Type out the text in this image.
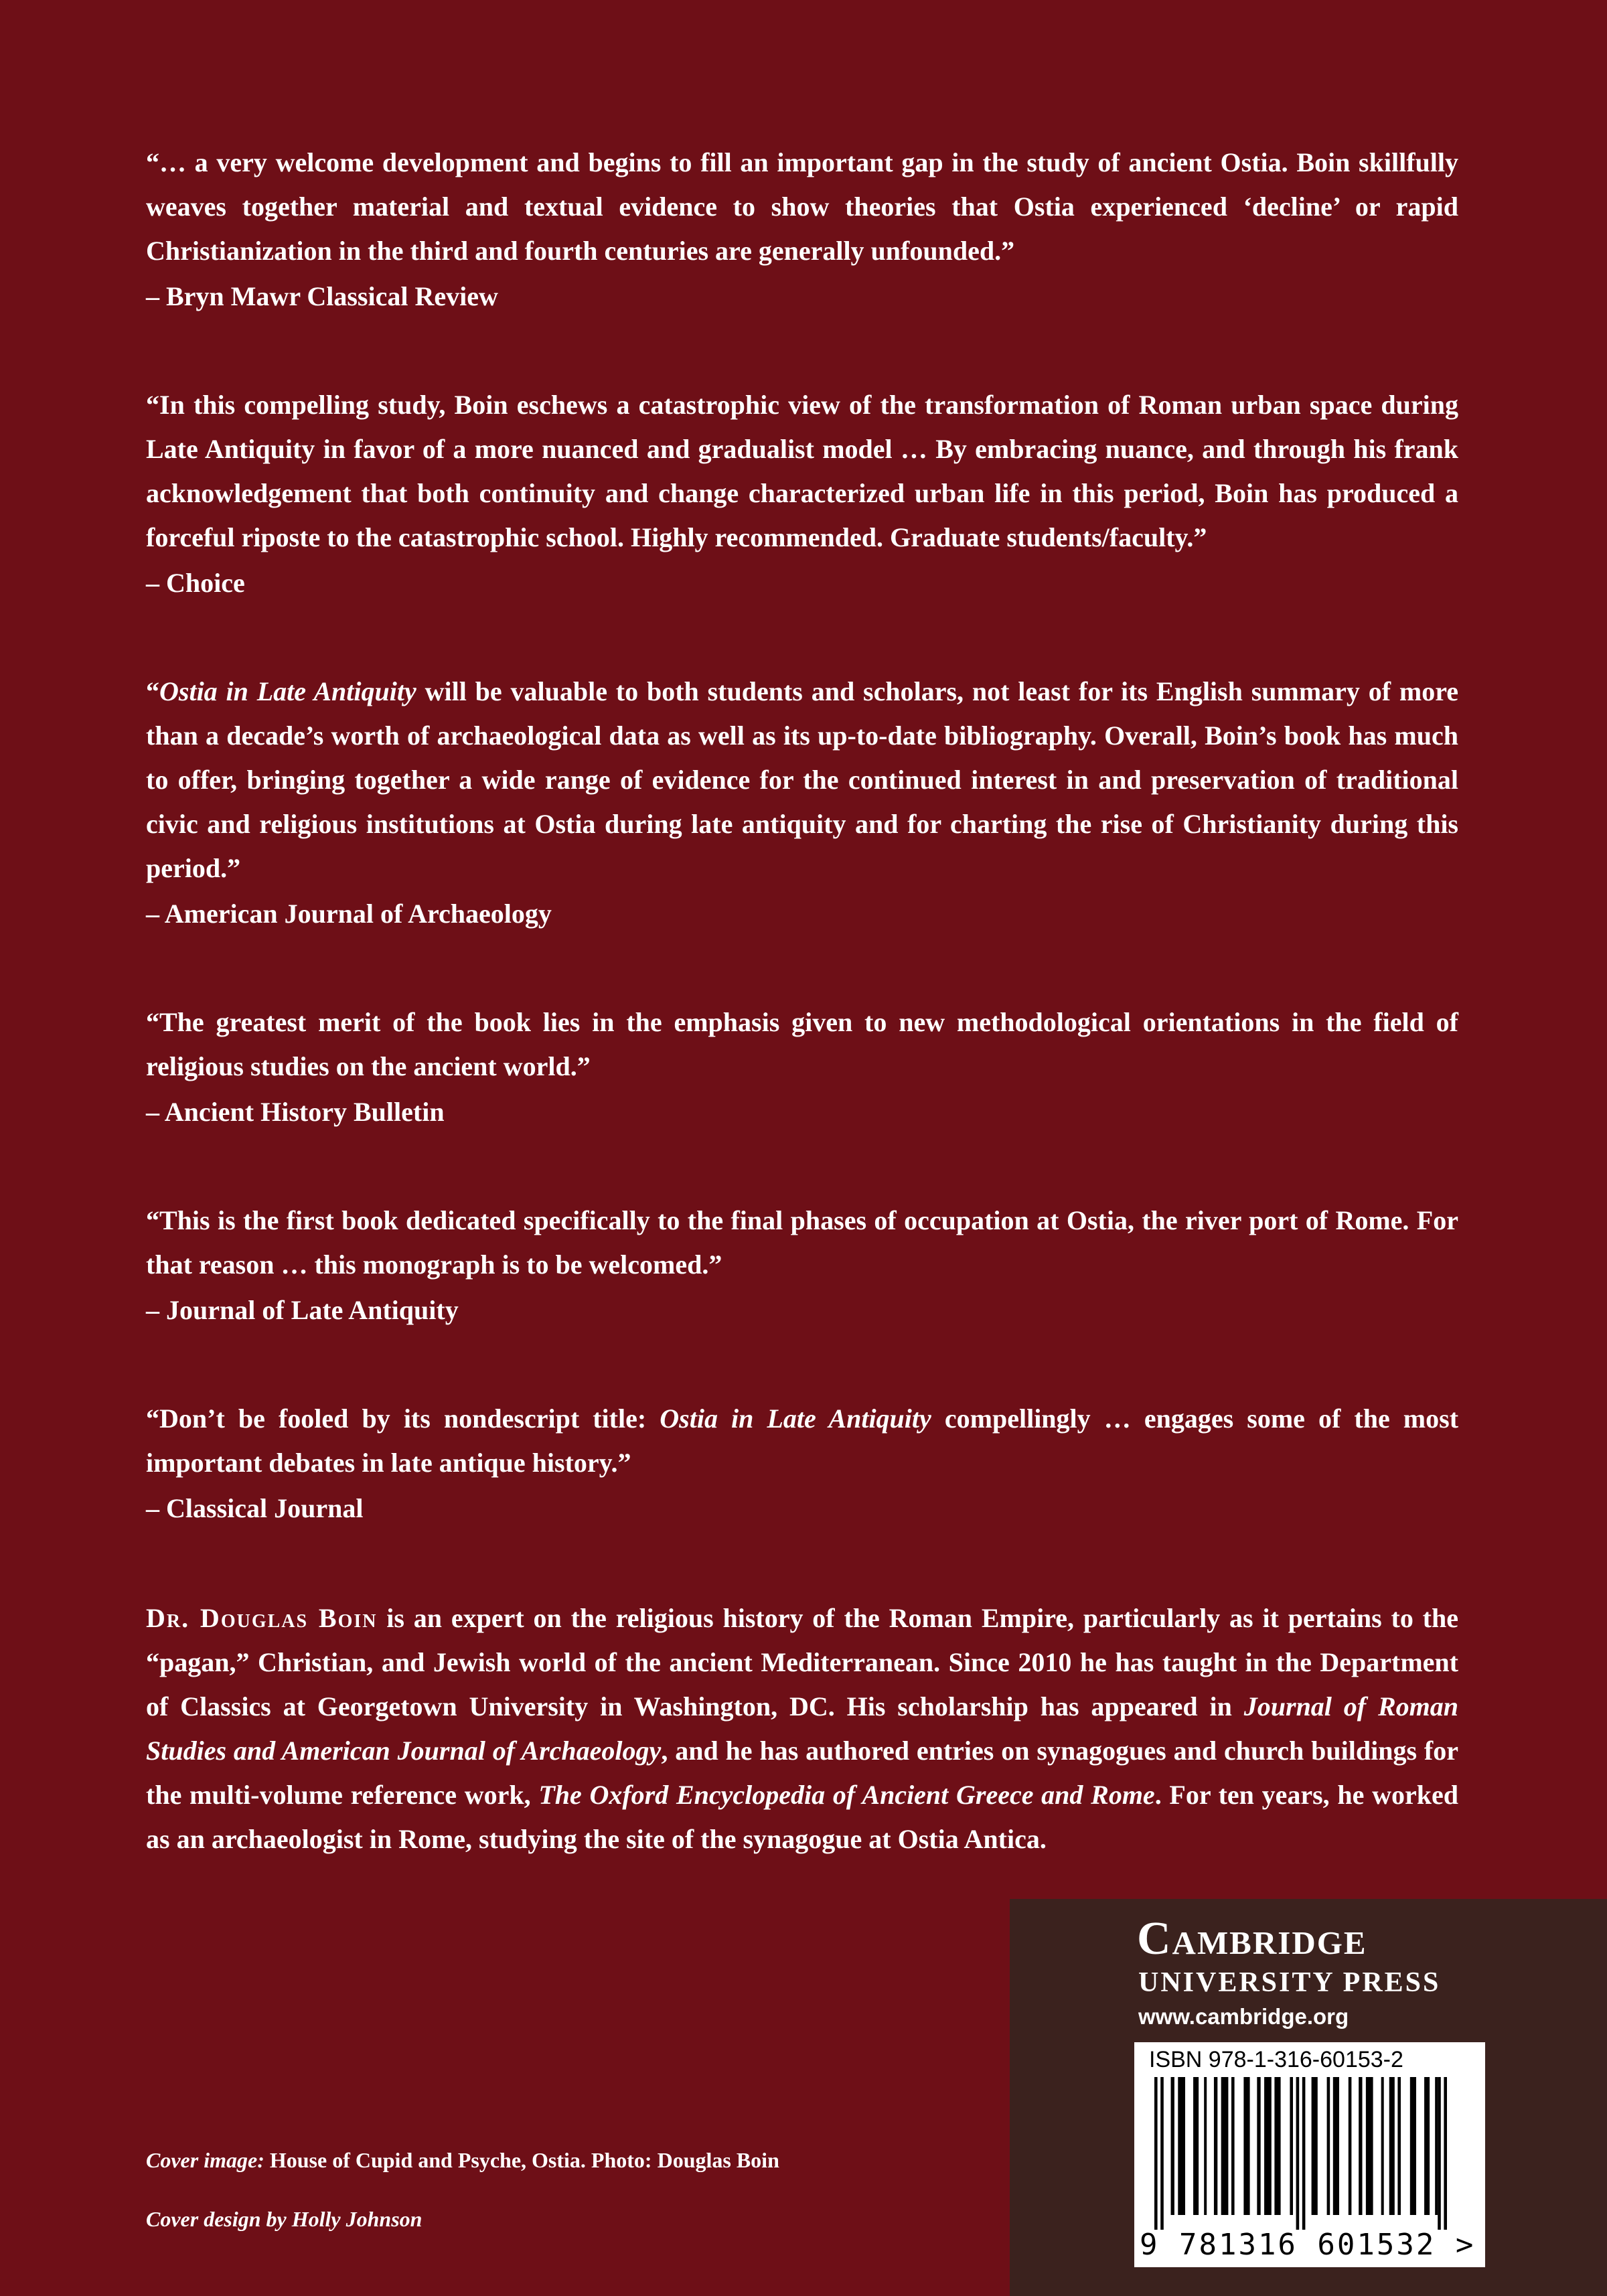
“… a very welcome development and begins to fill an important gap in the study of ancient Ostia. Boin skillfully weaves together material and textual evidence to show theories that Ostia experienced ‘decline’ or rapid Christianization in the third and fourth centuries are generally unfounded.”

– Bryn Mawr Classical Review

“In this compelling study, Boin eschews a catastrophic view of the transformation of Roman urban space during Late Antiquity in favor of a more nuanced and gradualist model … By embracing nuance, and through his frank acknowledgement that both continuity and change characterized urban life in this period, Boin has produced a forceful riposte to the catastrophic school. Highly recommended. Graduate students/faculty.”

– Choice

“Ostia in Late Antiquity will be valuable to both students and scholars, not least for its English summary of more than a decade’s worth of archaeological data as well as its up-to-date bibliography. Overall, Boin’s book has much to offer, bringing together a wide range of evidence for the continued interest in and preservation of traditional civic and religious institutions at Ostia during late antiquity and for charting the rise of Christianity during this period.”

– American Journal of Archaeology

“The greatest merit of the book lies in the emphasis given to new methodological orientations in the field of religious studies on the ancient world.”

– Ancient History Bulletin

“This is the first book dedicated specifically to the final phases of occupation at Ostia, the river port of Rome. For that reason … this monograph is to be welcomed.”

– Journal of Late Antiquity

“Don’t be fooled by its nondescript title: Ostia in Late Antiquity compellingly … engages some of the most important debates in late antique history.”

– Classical Journal

Dr. Douglas Boin is an expert on the religious history of the Roman Empire, particularly as it pertains to the “pagan,” Christian, and Jewish world of the ancient Mediterranean. Since 2010 he has taught in the Department of Classics at Georgetown University in Washington, DC. His scholarship has appeared in Journal of Roman Studies and American Journal of Archaeology, and he has authored entries on synagogues and church buildings for the multi-volume reference work, The Oxford Encyclopedia of Ancient Greece and Rome. For ten years, he worked as an archaeologist in Rome, studying the site of the synagogue at Ostia Antica.

Cover image: House of Cupid and Psyche, Ostia. Photo: Douglas Boin
Cover design by Holly Johnson
Cambridge
UNIVERSITY PRESS
www.cambridge.org
ISBN 978-1-316-60153-2
9 781316 601532 >
